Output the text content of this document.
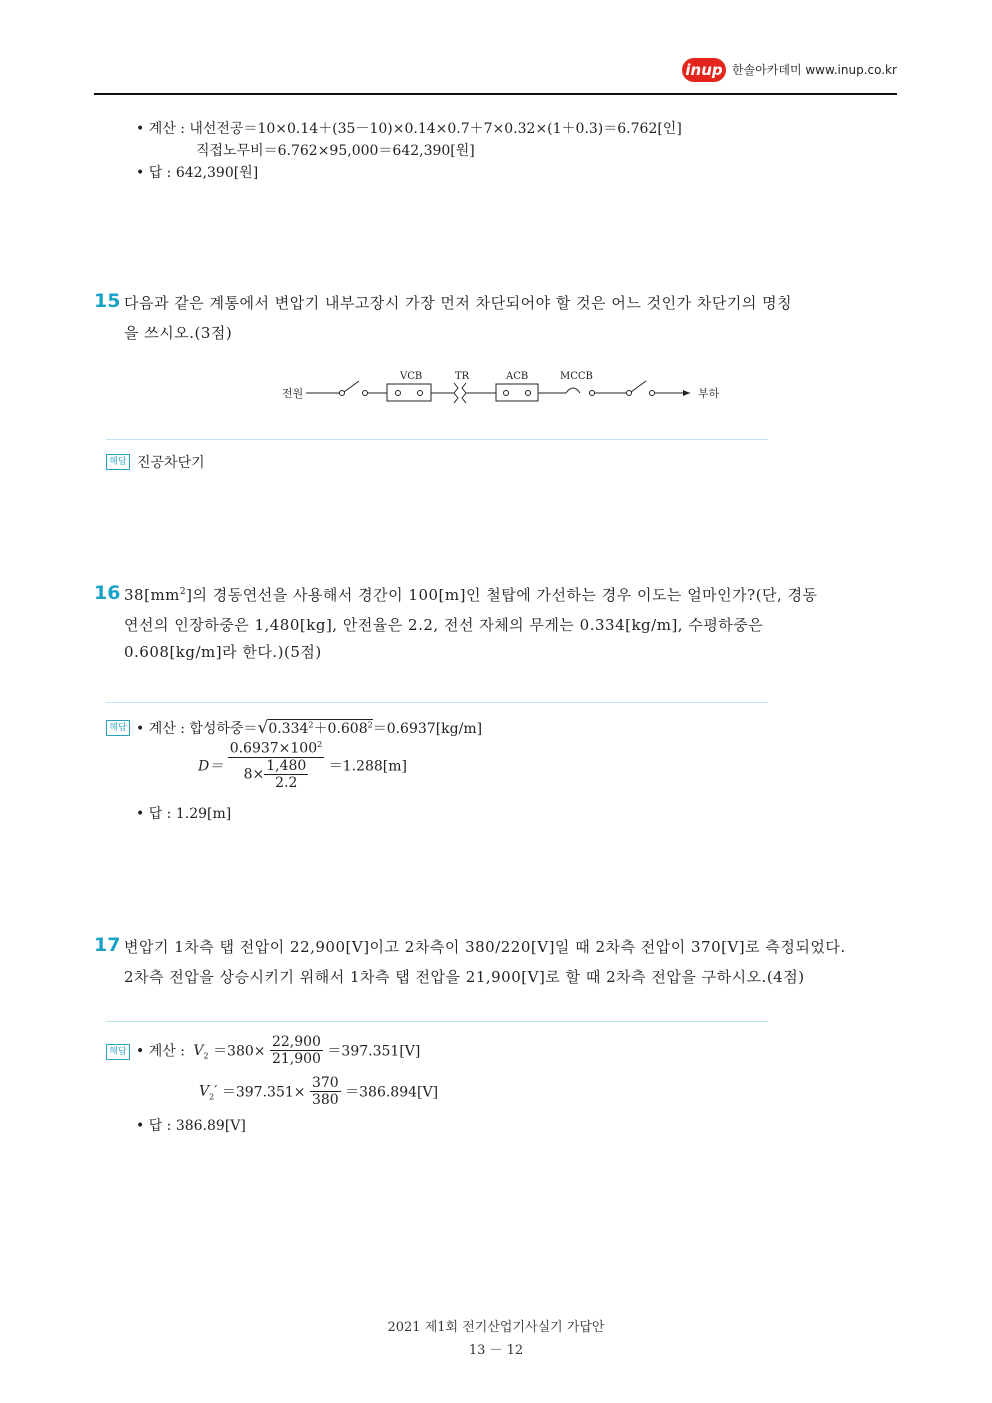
inup 한솔아카데미 www.inup.co.kr
• 계산 : 내선전공＝10×0.14＋(35－10)×0.14×0.7＋7×0.32×(1＋0.3)＝6.762[인]
직접노무비＝6.762×95,000＝642,390[원]
• 답 : 642,390[원]
15 다음과 같은 계통에서 변압기 내부고장시 가장 먼저 차단되어야 할 것은 어느 것인가 차단기의 명칭
을 쓰시오.(3점)
전원
VCB	TR	ACB	MCCB
부하
해답 진공차단기
16 $38[mm^2]$의 경동연선을 사용해서 경간이 100[m]인 철탑에 가선하는 경우 이도는 얼마인가?(단, 경동
연선의 인장하중은 1,480[kg], 안전율은 2.2, 전선 자체의 무게는 0.334[kg/m], 수평하중은
0.608[kg/m]라 한다.)(5점)
해답 • 계산 : 합성하중$=√0.334^2+0.608^2=0.6937[kg/m]$
$D= \frac{0.6937\times 100^2}{8\times \frac{1,480}{2.2}} =1.288[m]$
• 답 : 1.29[m]
17 변압기 1차측 탭 전압이 22,900[V]이고 2차측이 380/220[V]일 때 2차측 전압이 370[V]로 측정되었다.
2차측 전압을 상승시키기 위해서 1차측 탭 전압을 21,900[V]로 할 때 2차측 전압을 구하시오.(4점)
해답 • 계산 : $V_2 =380\times \frac{22,900}{21,900} =397.351[V]$
$V_2' =397.351\times \frac{370}{380} =386.894[V]$
• 답 : 386.89[V]
2021 제1회 전기산업기사실기 가답안
13 － 12
